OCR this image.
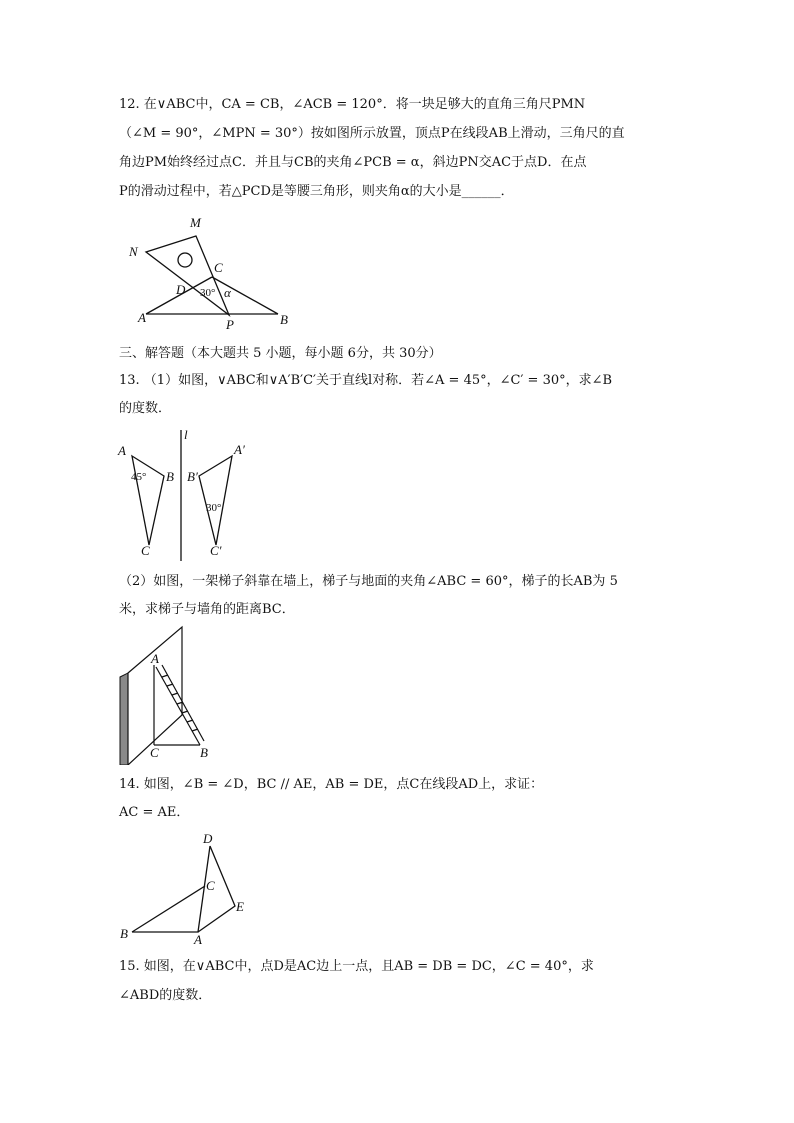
12. 在∨ABC中，CA = CB，∠ACB = 120°．将一块足够大的直角三角尺PMN
（∠M = 90°，∠MPN = 30°）按如图所示放置，顶点P在线段AB上滑动，三角尺的直
角边PM始终经过点C．并且与CB的夹角∠PCB = α，斜边PN交AC于点D．在点
P的滑动过程中，若△PCD是等腰三角形，则夹角α的大小是______．
M
N
C
D 30° α
A	P	B
三、解答题（本大题共 5 小题，每小题 6分，共 30分）
13. （1）如图，∨ABC和∨A′B′C′关于直线l对称．若∠A = 45°，∠C′ = 30°，求∠B
的度数．
A
45° B
C
l
A′
B′
30°
C′
（2）如图，一架梯子斜靠在墙上，梯子与地面的夹角∠ABC = 60°，梯子的长AB为 5
米，求梯子与墙角的距离BC．
A
C	B
14. 如图，∠B = ∠D，BC // AE，AB = DE，点C在线段AD上，求证：
AC = AE．
D
C
E
B	A
15. 如图，在∨ABC中，点D是AC边上一点，且AB = DB = DC，∠C = 40°，求
∠ABD的度数．
